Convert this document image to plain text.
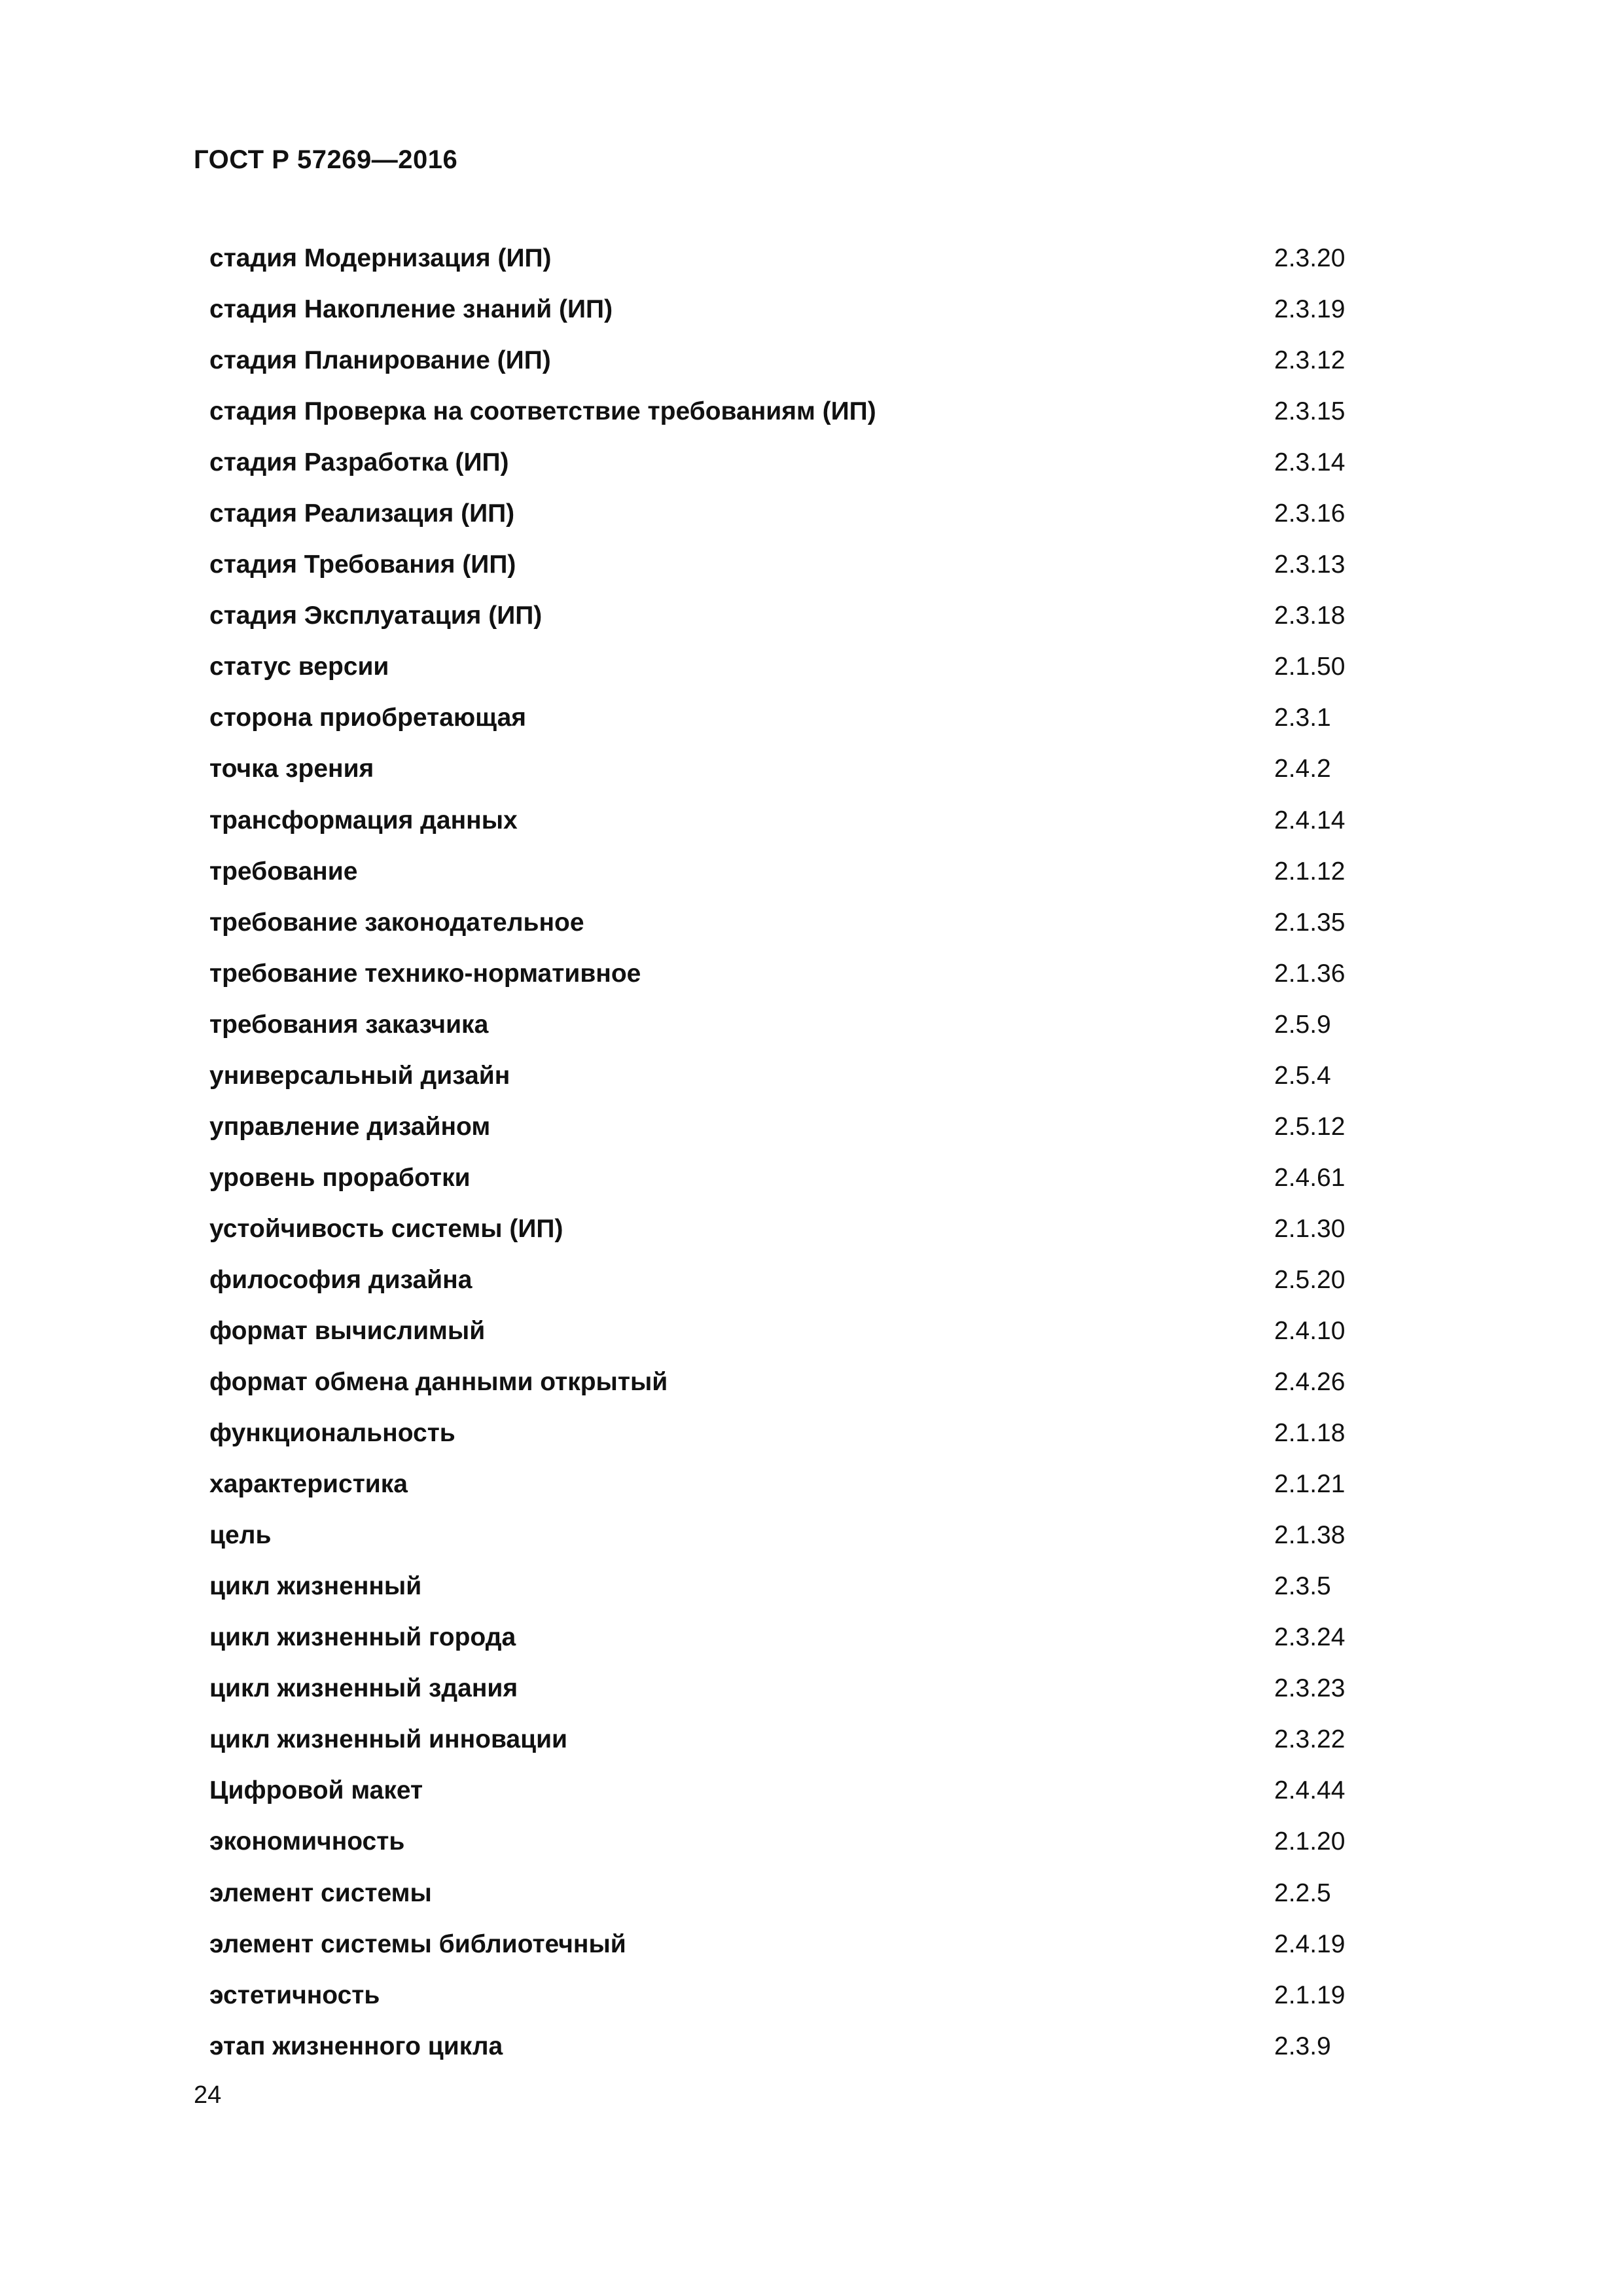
ГОСТ Р 57269—2016
стадия Модернизация (ИП)	2.3.20
стадия Накопление знаний (ИП)	2.3.19
стадия Планирование (ИП)	2.3.12
стадия Проверка на соответствие требованиям (ИП)	2.3.15
стадия Разработка (ИП)	2.3.14
стадия Реализация (ИП)	2.3.16
стадия Требования (ИП)	2.3.13
стадия Эксплуатация (ИП)	2.3.18
статус версии	2.1.50
сторона приобретающая	2.3.1
точка зрения	2.4.2
трансформация данных	2.4.14
требование	2.1.12
требование законодательное	2.1.35
требование технико-нормативное	2.1.36
требования заказчика	2.5.9
универсальный дизайн	2.5.4
управление дизайном	2.5.12
уровень проработки	2.4.61
устойчивость системы (ИП)	2.1.30
философия дизайна	2.5.20
формат вычислимый	2.4.10
формат обмена данными открытый	2.4.26
функциональность	2.1.18
характеристика	2.1.21
цель	2.1.38
цикл жизненный	2.3.5
цикл жизненный города	2.3.24
цикл жизненный здания	2.3.23
цикл жизненный инновации	2.3.22
Цифровой макет	2.4.44
экономичность	2.1.20
элемент системы	2.2.5
элемент системы библиотечный	2.4.19
эстетичность	2.1.19
этап жизненного цикла	2.3.9
24
